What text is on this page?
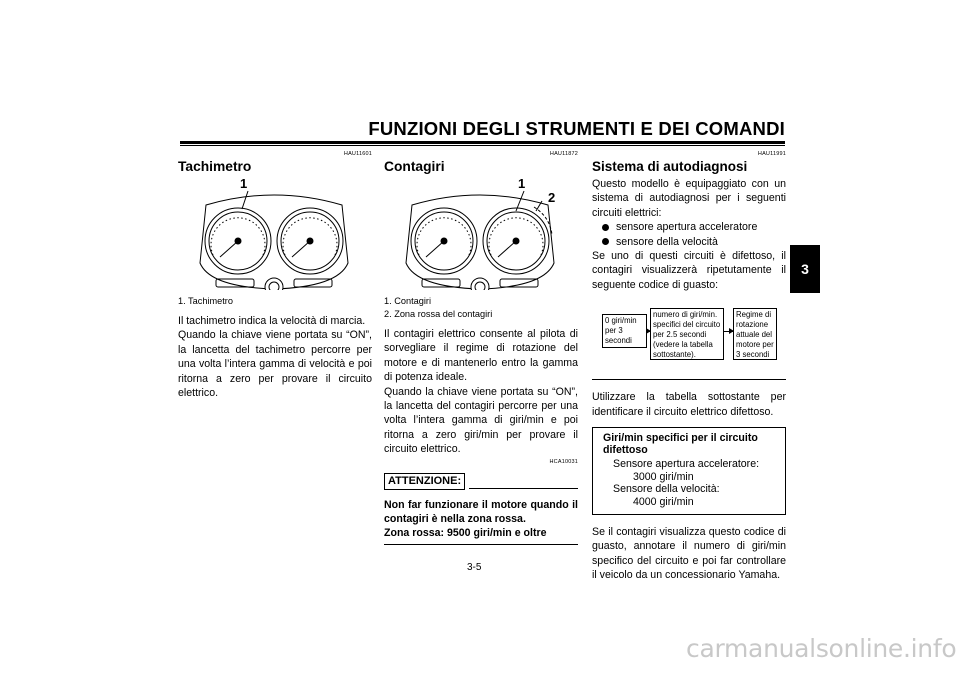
FUNZIONI DEGLI STRUMENTI E DEI COMANDI
3
HAU11601
Tachimetro
1
1. Tachimetro
Il tachimetro indica la velocità di marcia.
Quando la chiave viene portata su “ON”, la lancetta del tachimetro percorre per una volta l’intera gamma di velocità e poi ritorna a zero per provare il circuito elettrico.
HAU11872
Contagiri
1
2
1. Contagiri
2. Zona rossa del contagiri
Il contagiri elettrico consente al pilota di sorvegliare il regime di rotazione del motore e di mantenerlo entro la gamma di potenza ideale.
Quando la chiave viene portata su “ON”, la lancetta del contagiri percorre per una volta l’intera gamma di giri/min e poi ritorna a zero giri/min per provare il circuito elettrico.
HCA10031
ATTENZIONE:
Non far funzionare il motore quando il contagiri è nella zona rossa.
Zona rossa: 9500 giri/min e oltre
HAU11991
Sistema di autodiagnosi
Questo modello è equipaggiato con un sistema di autodiagnosi per i seguenti circuiti elettrici:
sensore apertura acceleratore
sensore della velocità
Se uno di questi circuiti è difettoso, il contagiri visualizzerà ripetutamente il seguente codice di guasto:
0 giri/min per 3 secondi
numero di giri/min. specifici del circuito per 2.5 secondi (vedere la tabella sottostante).
Regime di rotazione attuale del motore per 3 secondi
Utilizzare la tabella sottostante per identificare il circuito elettrico difettoso.
Giri/min specifici per il circuito difettoso
Sensore apertura acceleratore:
3000 giri/min
Sensore della velocità:
4000 giri/min
Se il contagiri visualizza questo codice di guasto, annotare il numero di giri/min specifico del circuito e poi far controllare il veicolo da un concessionario Yamaha.
3-5
carmanualsonline.info
